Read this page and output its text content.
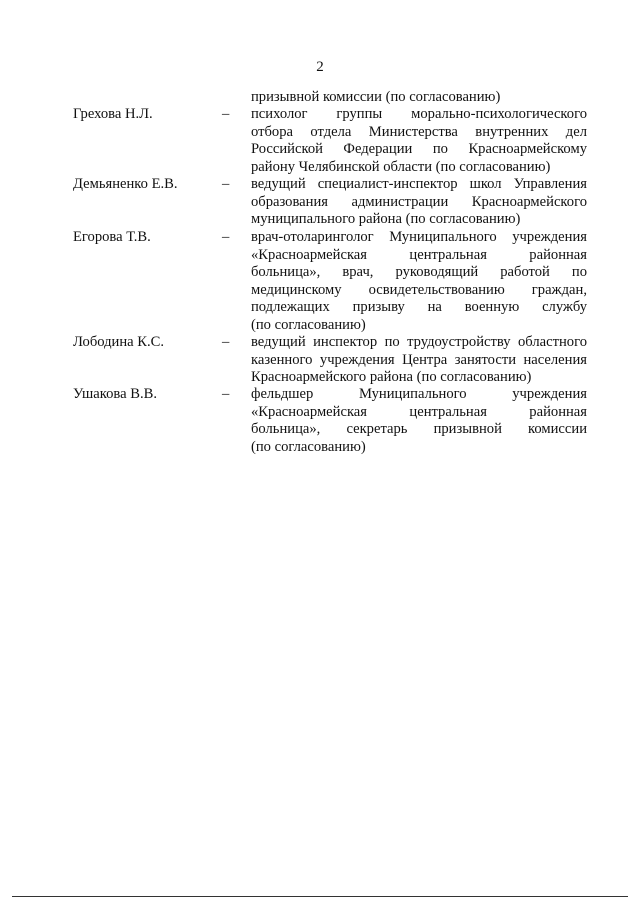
2
призывной комиссии (по согласованию)
Грехова Н.Л.	– психолог группы морально-психологического
отбора отдела Министерства внутренних дел
Российской Федерации по Красноармейскому
району Челябинской области (по согласованию)
Демьяненко Е.В.	– ведущий специалист-инспектор школ Управления
образования администрации Красноармейского
муниципального района (по согласованию)
Егорова Т.В.	– врач-отоларинголог Муниципального учреждения
«Красноармейская центральная районная
больница», врач, руководящий работой по
медицинскому освидетельствованию граждан,
подлежащих призыву на военную службу
(по согласованию)
Лободина К.С.	– ведущий инспектор по трудоустройству областного
казенного учреждения Центра занятости населения
Красноармейского района (по согласованию)
Ушакова В.В.	– фельдшер Муниципального учреждения
«Красноармейская центральная районная
больница», секретарь призывной комиссии
(по согласованию)
